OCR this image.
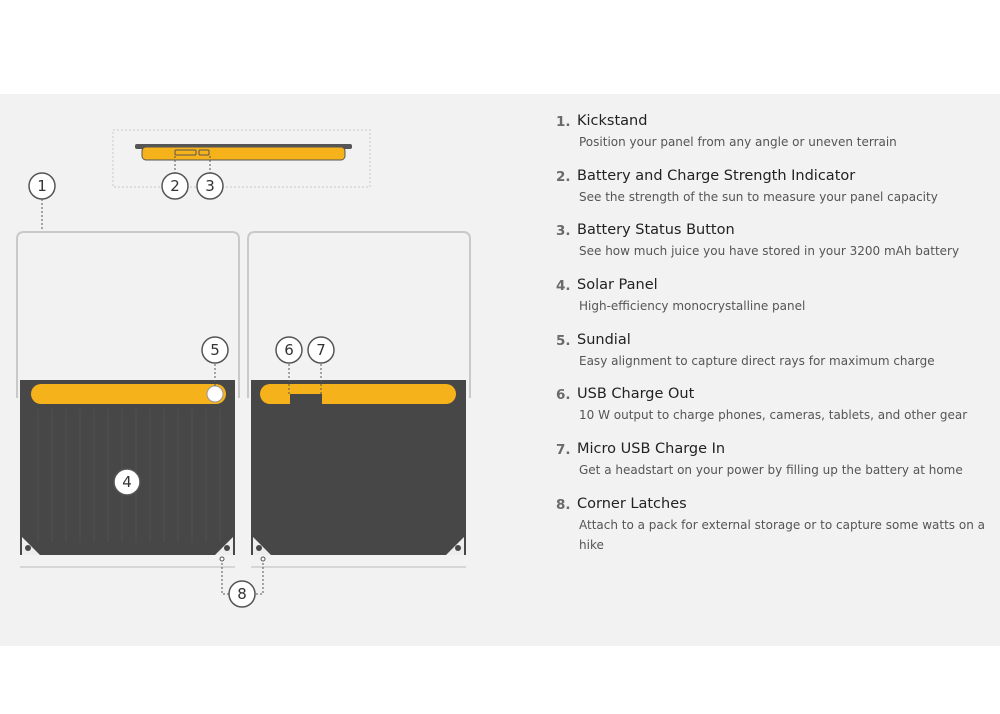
1	2 3
4
5	6 7
8
1. Kickstand
Position your panel from any angle or uneven terrain
2. Battery and Charge Strength Indicator
See the strength of the sun to measure your panel capacity
3. Battery Status Button
See how much juice you have stored in your 3200 mAh battery
4. Solar Panel
High-efficiency monocrystalline panel
5. Sundial
Easy alignment to capture direct rays for maximum charge
6. USB Charge Out
10 W output to charge phones, cameras, tablets, and other gear
7. Micro USB Charge In
Get a headstart on your power by filling up the battery at home
8. Corner Latches
Attach to a pack for external storage or to capture some watts on a hike
